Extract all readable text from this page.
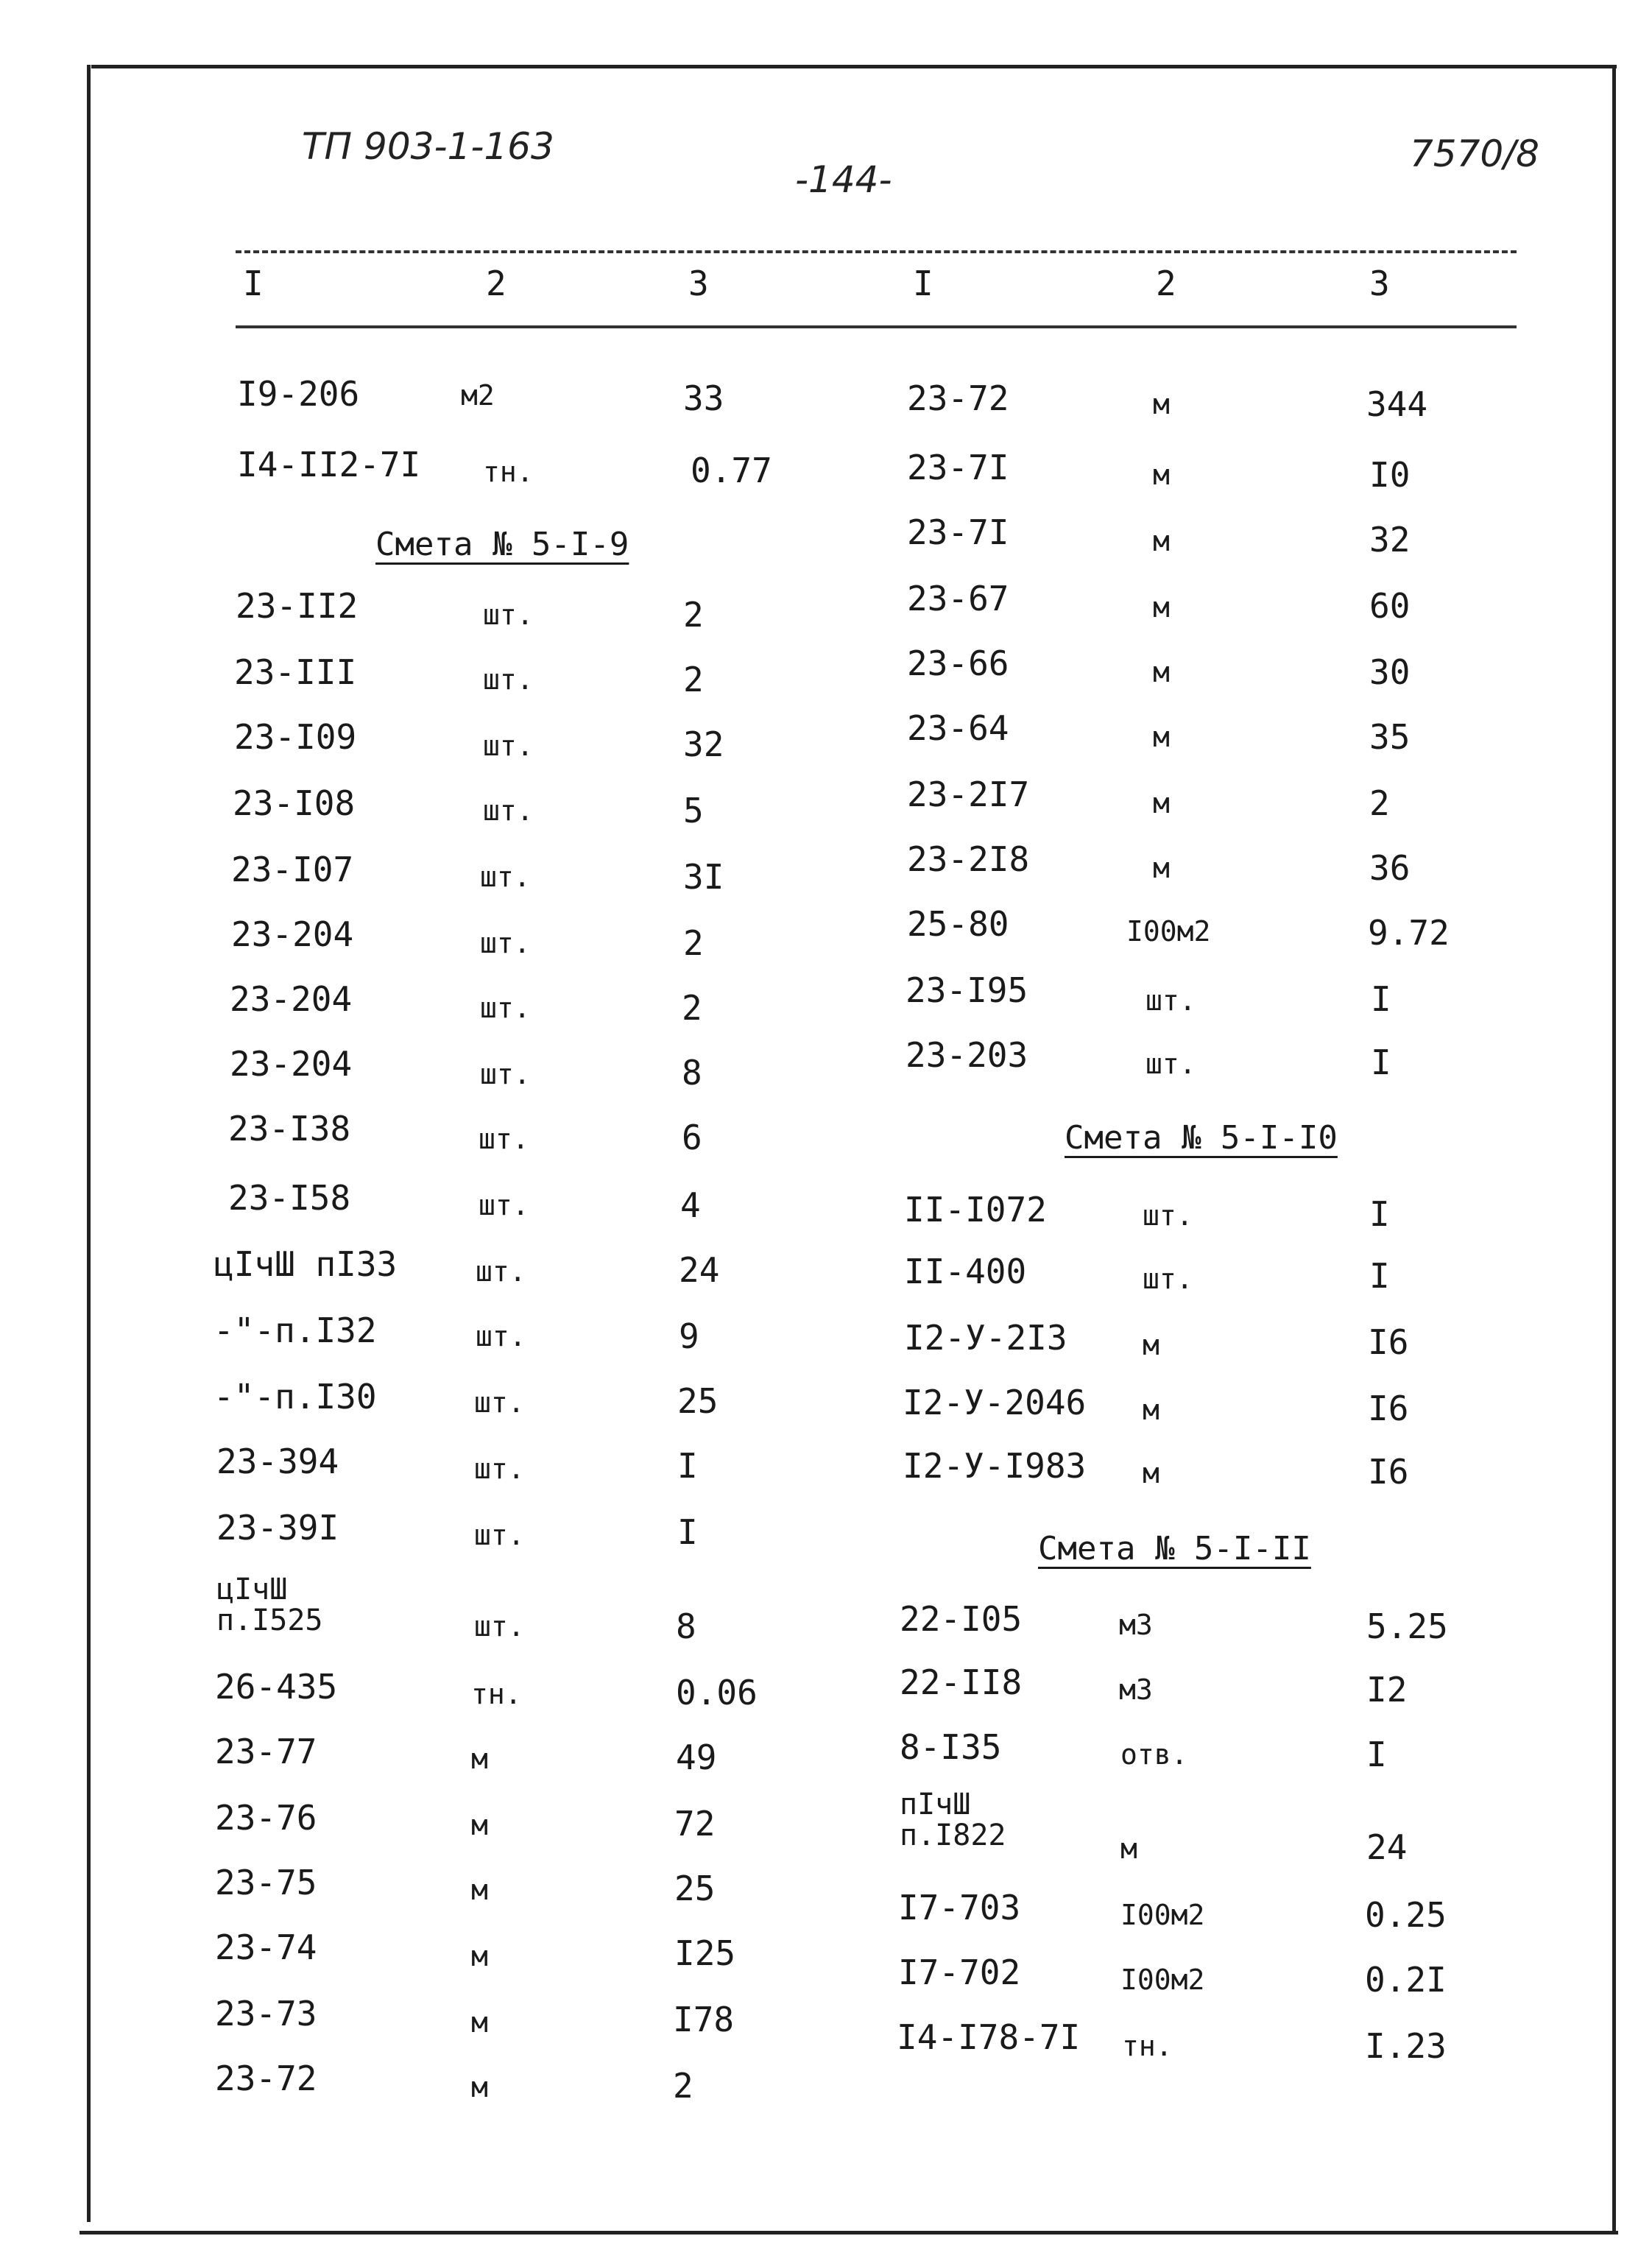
ТП 903-1-163
-144-
7570/8
I	2	3	I	2	3
I9-206	м2	33
I4-II2-7I тн.	0.77
Смета № 5-I-9
23-II2	шт.	2
23-III	шт.	2
23-I09	шт.	32
23-I08	шт.	5
23-I07	шт.	3I
23-204	шт.	2
23-204	шт.	2
23-204	шт.	8
23-I38	шт.	6
23-I58	шт.	4
цIчШ пI33	шт.	24
-"-п.I32	шт.	9
-"-п.I30	шт.	25
23-394	шт.	I
23-39I	шт.	I
цIчШ
п.I525	шт.	8
26-435	тн.	0.06
23-77	м	49
23-76	м	72
23-75	м	25
23-74	м	I25
23-73	м	I78
23-72	м	2
23-72	м	344
23-7I	м	I0
23-7I	м	32
23-67	м	60
23-66	м	30
23-64	м	35
23-2I7	м	2
23-2I8	м	36
25-80	I00м2	9.72
23-I95	шт.	I
23-203	шт.	I
Смета № 5-I-I0
II-I072	шт.	I
II-400	шт.	I
I2-У-2I3	м	I6
I2-У-2046 м	I6
I2-У-I983 м	I6
Смета № 5-I-II
22-I05	м3	5.25
22-II8	м3	I2
8-I35	отв.	I
пIчШ
п.I822	м	24
I7-703	I00м2	0.25
I7-702	I00м2	0.2I
I4-I78-7I тн.	I.23
